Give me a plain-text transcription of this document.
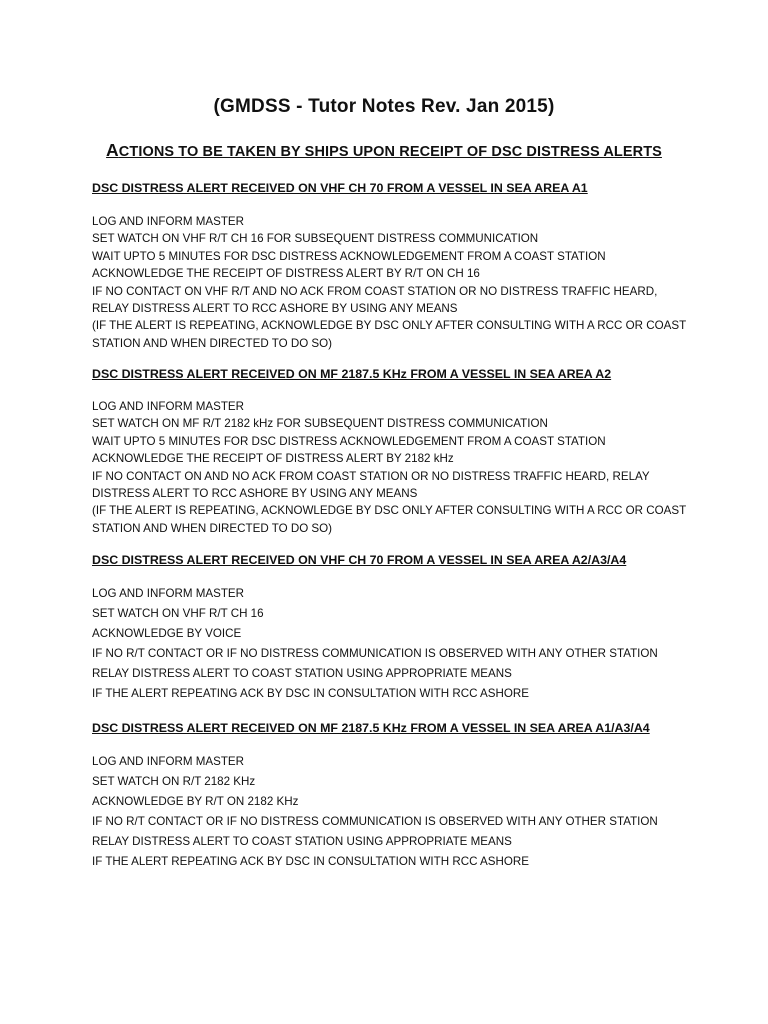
(GMDSS - Tutor Notes Rev. Jan 2015)
ACTIONS TO BE TAKEN BY SHIPS UPON RECEIPT OF DSC DISTRESS ALERTS
DSC DISTRESS ALERT RECEIVED ON VHF CH 70 FROM A VESSEL IN SEA AREA A1
LOG AND INFORM MASTER
SET WATCH ON VHF R/T CH 16 FOR SUBSEQUENT DISTRESS COMMUNICATION
WAIT UPTO 5 MINUTES FOR DSC DISTRESS ACKNOWLEDGEMENT FROM A COAST STATION
ACKNOWLEDGE THE RECEIPT OF DISTRESS ALERT BY R/T ON CH 16
IF NO CONTACT ON VHF R/T AND NO ACK FROM COAST STATION OR NO DISTRESS TRAFFIC HEARD,
RELAY DISTRESS ALERT TO RCC ASHORE BY USING ANY MEANS
(IF THE ALERT IS REPEATING, ACKNOWLEDGE BY DSC ONLY AFTER CONSULTING WITH A RCC OR COAST
STATION AND WHEN DIRECTED TO DO SO)
DSC DISTRESS ALERT RECEIVED ON MF 2187.5 KHz FROM A VESSEL IN SEA AREA A2
LOG AND INFORM MASTER
SET WATCH ON MF R/T 2182 kHz FOR SUBSEQUENT DISTRESS COMMUNICATION
WAIT UPTO 5 MINUTES FOR DSC DISTRESS ACKNOWLEDGEMENT FROM A COAST STATION
ACKNOWLEDGE THE RECEIPT OF DISTRESS ALERT BY 2182 kHz
IF NO CONTACT ON AND NO ACK FROM COAST STATION OR NO DISTRESS TRAFFIC HEARD, RELAY
DISTRESS ALERT TO RCC ASHORE BY USING ANY MEANS
(IF THE ALERT IS REPEATING, ACKNOWLEDGE BY DSC ONLY AFTER CONSULTING WITH A RCC OR COAST
STATION AND WHEN DIRECTED TO DO SO)
DSC DISTRESS ALERT RECEIVED ON VHF CH 70 FROM A VESSEL IN SEA AREA A2/A3/A4
LOG AND INFORM MASTER
SET WATCH ON VHF R/T CH 16
ACKNOWLEDGE BY VOICE
IF NO R/T CONTACT OR IF NO DISTRESS COMMUNICATION IS OBSERVED WITH ANY OTHER STATION
RELAY DISTRESS ALERT TO COAST STATION USING APPROPRIATE MEANS
IF THE ALERT REPEATING ACK BY DSC IN CONSULTATION WITH RCC ASHORE
DSC DISTRESS ALERT RECEIVED ON MF 2187.5 KHz FROM A VESSEL IN SEA AREA A1/A3/A4
LOG AND INFORM MASTER
SET WATCH ON R/T 2182 KHz
ACKNOWLEDGE BY R/T ON 2182 KHz
IF NO R/T CONTACT OR IF NO DISTRESS COMMUNICATION IS OBSERVED WITH ANY OTHER STATION
RELAY DISTRESS ALERT TO COAST STATION USING APPROPRIATE MEANS
IF THE ALERT REPEATING ACK BY DSC IN CONSULTATION WITH RCC ASHORE
